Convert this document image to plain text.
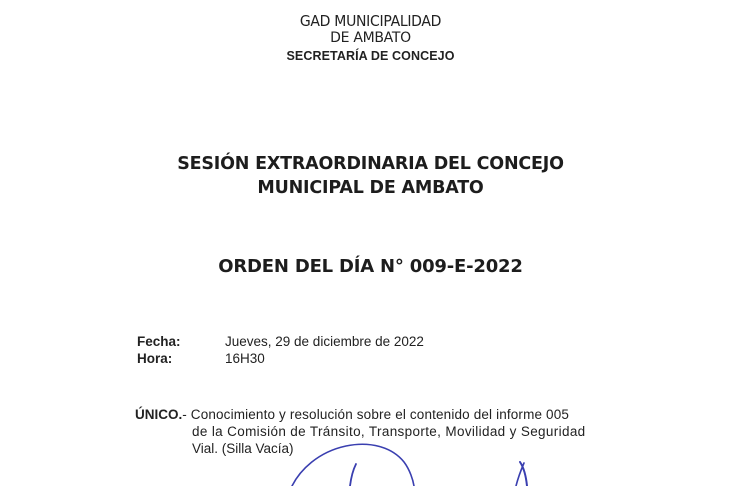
GAD MUNICIPALIDAD
DE AMBATO
SECRETARÍA DE CONCEJO
SESIÓN EXTRAORDINARIA DEL CONCEJO
MUNICIPAL DE AMBATO
ORDEN DEL DÍA N° 009-E-2022
Fecha:	Jueves, 29 de diciembre de 2022
Hora:	16H30
ÚNICO.- Conocimiento y resolución sobre el contenido del informe 005
de la Comisión de Tránsito, Transporte, Movilidad y Seguridad
Vial. (Silla Vacía)
